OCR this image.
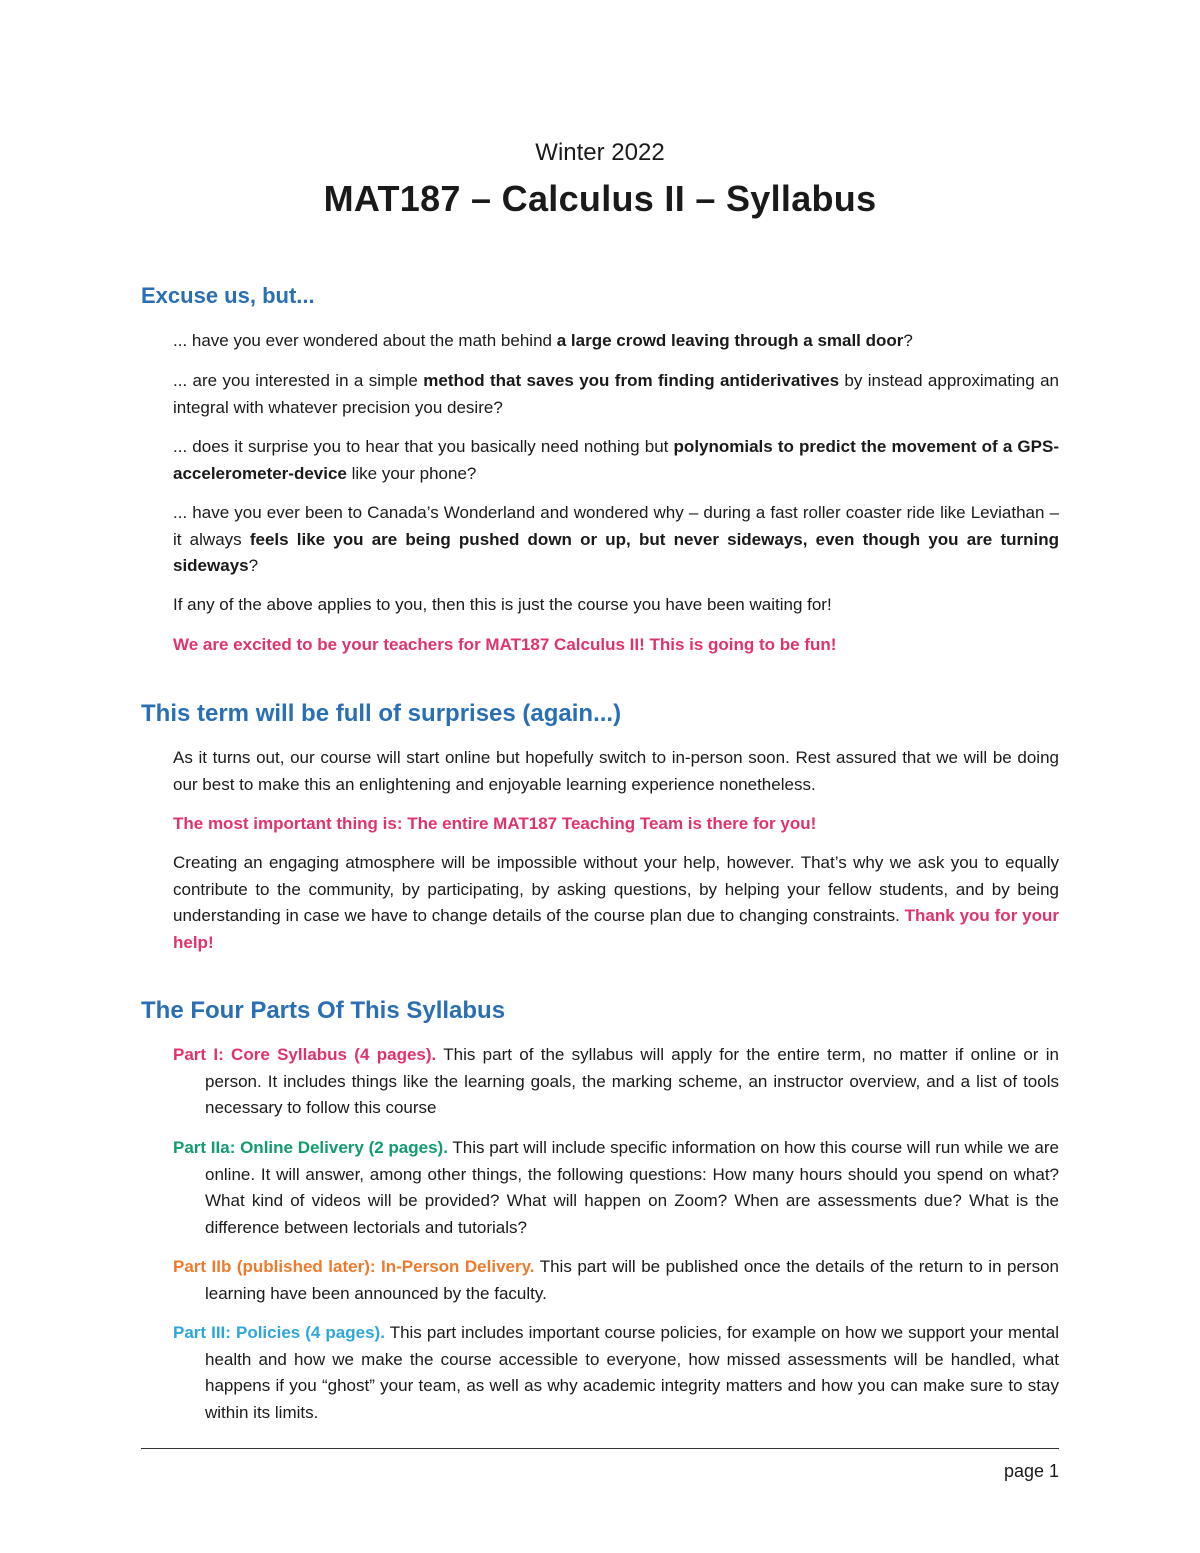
Winter 2022
MAT187 – Calculus II – Syllabus
Excuse us, but...
... have you ever wondered about the math behind a large crowd leaving through a small door?
... are you interested in a simple method that saves you from finding antiderivatives by instead approximating an integral with whatever precision you desire?
... does it surprise you to hear that you basically need nothing but polynomials to predict the movement of a GPS-accelerometer-device like your phone?
... have you ever been to Canada’s Wonderland and wondered why – during a fast roller coaster ride like Leviathan – it always feels like you are being pushed down or up, but never sideways, even though you are turning sideways?
If any of the above applies to you, then this is just the course you have been waiting for!
We are excited to be your teachers for MAT187 Calculus II! This is going to be fun!
This term will be full of surprises (again...)
As it turns out, our course will start online but hopefully switch to in-person soon. Rest assured that we will be doing our best to make this an enlightening and enjoyable learning experience nonetheless.
The most important thing is: The entire MAT187 Teaching Team is there for you!
Creating an engaging atmosphere will be impossible without your help, however. That’s why we ask you to equally contribute to the community, by participating, by asking questions, by helping your fellow students, and by being understanding in case we have to change details of the course plan due to changing constraints. Thank you for your help!
The Four Parts Of This Syllabus
Part I: Core Syllabus (4 pages). This part of the syllabus will apply for the entire term, no matter if online or in person. It includes things like the learning goals, the marking scheme, an instructor overview, and a list of tools necessary to follow this course
Part IIa: Online Delivery (2 pages). This part will include specific information on how this course will run while we are online. It will answer, among other things, the following questions: How many hours should you spend on what? What kind of videos will be provided? What will happen on Zoom? When are assessments due? What is the difference between lectorials and tutorials?
Part IIb (published later): In-Person Delivery. This part will be published once the details of the return to in person learning have been announced by the faculty.
Part III: Policies (4 pages). This part includes important course policies, for example on how we support your mental health and how we make the course accessible to everyone, how missed assessments will be handled, what happens if you “ghost” your team, as well as why academic integrity matters and how you can make sure to stay within its limits.
page 1
